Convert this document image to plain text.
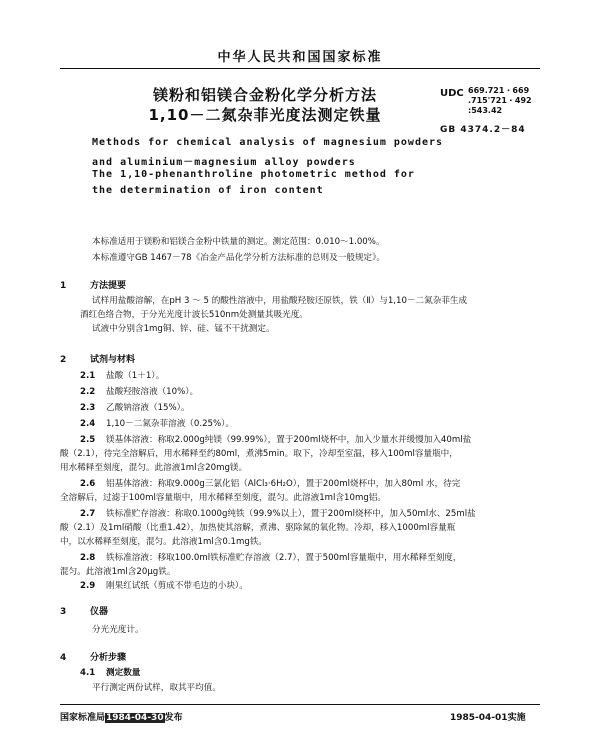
中华人民共和国国家标准
镁粉和铝镁合金粉化学分析方法
1,10－二氮杂菲光度法测定铁量
UDC 669.721・669
.715'721・492
:543.42
GB 4374.2－84
Methods for chemical analysis of magnesium powders
and aluminium－magnesium alloy powders
The 1,10-phenanthroline photometric method for
the determination of iron content
本标准适用于镁粉和铝镁合金粉中铁量的测定。测定范围：0.010～1.00%。
本标准遵守GB 1467－78《冶金产品化学分析方法标准的总则及一般规定》。
1	方法提要
试样用盐酸溶解，在pH 3 ～ 5 的酸性溶液中，用盐酸羟胺还原铁，铁（Ⅱ）与1,10－二氮杂菲生成
酒红色络合物，于分光光度计波长510nm处测量其吸光度。
试液中分别含1mg铜、锌、硅、锰不干扰测定。
2	试剂与材料
2.1 盐酸（1＋1）。
2.2 盐酸羟胺溶液（10%）。
2.3 乙酸钠溶液（15%）。
2.4 1,10－二氮杂菲溶液（0.25%）。
2.5 镁基体溶液：称取2.000g纯镁（99.99%），置于200ml烧杯中，加入少量水并缓慢加入40ml盐
酸（2.1），待完全溶解后，用水稀释至约80ml，煮沸5min。取下，冷却至室温，移入100ml容量瓶中，
用水稀释至刻度，混匀。此溶液1ml含20mg镁。
2.6 铝基体溶液：称取9.000g三氯化铝（AlCl₃·6H₂O），置于200ml烧杯中，加入80ml 水，待完
全溶解后，过滤于100ml容量瓶中，用水稀释至刻度，混匀。此溶液1ml含10mg铝。
2.7 铁标准贮存溶液：称取0.1000g纯铁（99.9%以上），置于200ml烧杯中，加入50ml水、25ml盐
酸（2.1）及1ml硝酸（比重1.42），加热使其溶解，煮沸、驱除氮的氧化物。冷却，移入1000ml容量瓶
中，以水稀释至刻度，混匀。此溶液1ml含0.1mg铁。
2.8 铁标准溶液：移取100.0ml铁标准贮存溶液（2.7），置于500ml容量瓶中，用水稀释至刻度，
混匀。此溶液1ml含20μg铁。
2.9 刚果红试纸（剪成不带毛边的小块）。
3	仪器
分光光度计。
4	分析步骤
4.1 测定数量
平行测定两份试样，取其平均值。
国家标准局1984-04-30发布	1985-04-01实施
